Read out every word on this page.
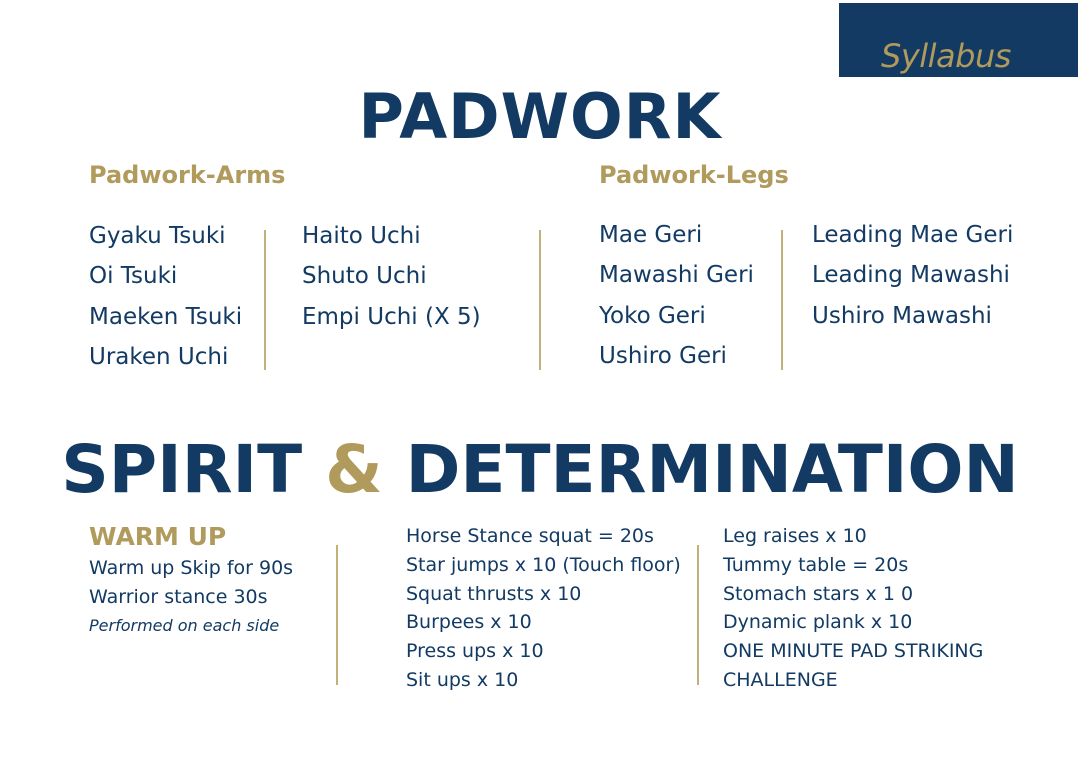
Syllabus
PADWORK
Padwork-Arms	Padwork-Legs
Gyaku Tsuki
Oi Tsuki
Maeken Tsuki
Uraken Uchi
Haito Uchi
Shuto Uchi
Empi Uchi (X 5)
Mae Geri
Mawashi Geri
Yoko Geri
Ushiro Geri
Leading Mae Geri
Leading Mawashi
Ushiro Mawashi
SPIRIT & DETERMINATION
WARM UP
Warm up Skip for 90s
Warrior stance 30s
Performed on each side
Horse Stance squat = 20s
Star jumps x 10 (Touch floor)
Squat thrusts x 10
Burpees x 10
Press ups x 10
Sit ups x 10
Leg raises x 10
Tummy table = 20s
Stomach stars x 1 0
Dynamic plank x 10
ONE MINUTE PAD STRIKING
CHALLENGE
